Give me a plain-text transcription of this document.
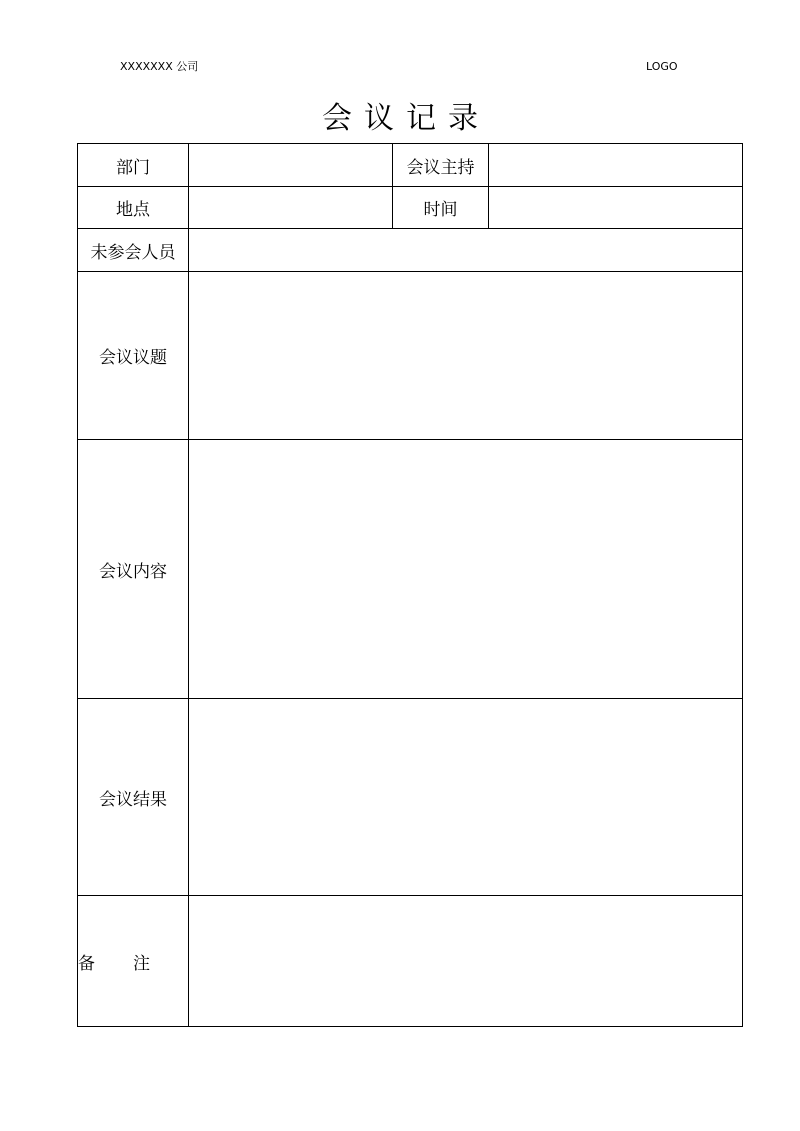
XXXXXXX 公司	LOGO
会议记录
部门		会议主持	
地点		时间	
未参会人员			
会议议题			
会议内容			
会议结果			
备 注			
